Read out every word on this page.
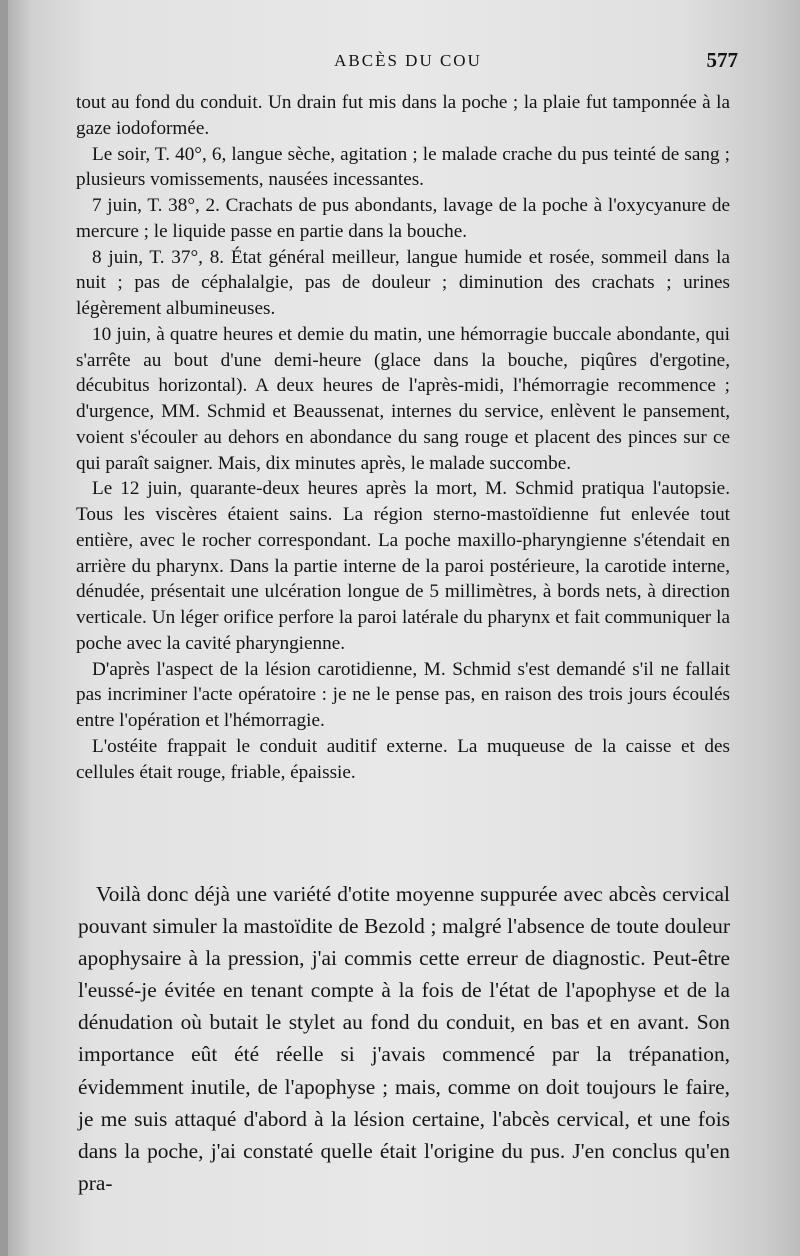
ABCÈS DU COU	577

tout au fond du conduit. Un drain fut mis dans la poche ; la plaie fut tamponnée à la gaze iodoformée.

Le soir, T. 40°, 6, langue sèche, agitation ; le malade crache du pus teinté de sang ; plusieurs vomissements, nausées incessantes.

7 juin, T. 38°, 2. Crachats de pus abondants, lavage de la poche à l'oxycyanure de mercure ; le liquide passe en partie dans la bouche.

8 juin, T. 37°, 8. État général meilleur, langue humide et rosée, sommeil dans la nuit ; pas de céphalalgie, pas de douleur ; diminution des crachats ; urines légèrement albumineuses.

10 juin, à quatre heures et demie du matin, une hémorragie buccale abondante, qui s'arrête au bout d'une demi-heure (glace dans la bouche, piqûres d'ergotine, décubitus horizontal). A deux heures de l'après-midi, l'hémorragie recommence ; d'urgence, MM. Schmid et Beaussenat, internes du service, enlèvent le pansement, voient s'écouler au dehors en abondance du sang rouge et placent des pinces sur ce qui paraît saigner. Mais, dix minutes après, le malade succombe.

Le 12 juin, quarante-deux heures après la mort, M. Schmid pratiqua l'autopsie. Tous les viscères étaient sains. La région sterno-mastoïdienne fut enlevée tout entière, avec le rocher correspondant. La poche maxillo-pharyngienne s'étendait en arrière du pharynx. Dans la partie interne de la paroi postérieure, la carotide interne, dénudée, présentait une ulcération longue de 5 millimètres, à bords nets, à direction verticale. Un léger orifice perfore la paroi latérale du pharynx et fait communiquer la poche avec la cavité pharyngienne.

D'après l'aspect de la lésion carotidienne, M. Schmid s'est demandé s'il ne fallait pas incriminer l'acte opératoire : je ne le pense pas, en raison des trois jours écoulés entre l'opération et l'hémorragie.

L'ostéite frappait le conduit auditif externe. La muqueuse de la caisse et des cellules était rouge, friable, épaissie.

Voilà donc déjà une variété d'otite moyenne suppurée avec abcès cervical pouvant simuler la mastoïdite de Bezold ; malgré l'absence de toute douleur apophysaire à la pression, j'ai commis cette erreur de diagnostic. Peut-être l'eussé-je évitée en tenant compte à la fois de l'état de l'apophyse et de la dénudation où butait le stylet au fond du conduit, en bas et en avant. Son importance eût été réelle si j'avais commencé par la trépanation, évidemment inutile, de l'apophyse ; mais, comme on doit toujours le faire, je me suis attaqué d'abord à la lésion certaine, l'abcès cervical, et une fois dans la poche, j'ai constaté quelle était l'origine du pus. J'en conclus qu'en pra-
